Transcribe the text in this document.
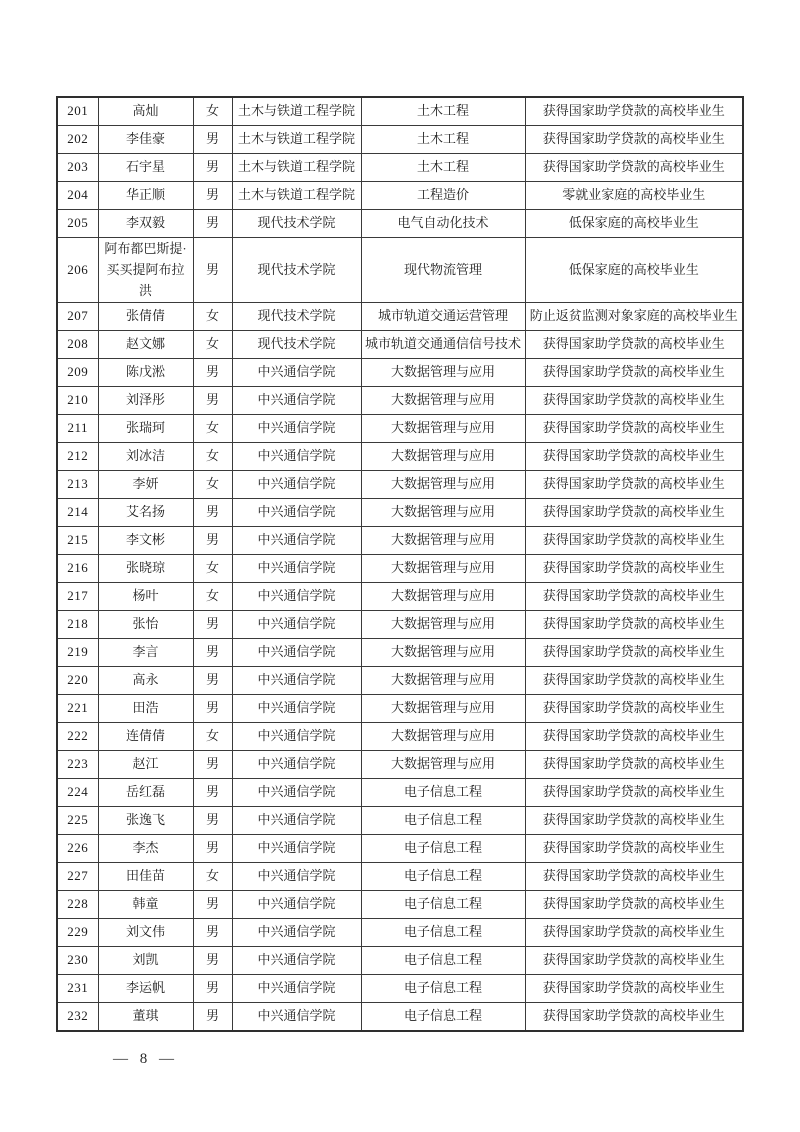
201	高灿	女	土木与铁道工程学院	土木工程	获得国家助学贷款的高校毕业生
202	李佳豪	男	土木与铁道工程学院	土木工程	获得国家助学贷款的高校毕业生
203	石宇星	男	土木与铁道工程学院	土木工程	获得国家助学贷款的高校毕业生
204	华正顺	男	土木与铁道工程学院	工程造价	零就业家庭的高校毕业生
205	李双毅	男	现代技术学院	电气自动化技术	低保家庭的高校毕业生
206	阿布都巴斯提·买买提阿布拉洪	男	现代技术学院	现代物流管理	低保家庭的高校毕业生
207	张倩倩	女	现代技术学院	城市轨道交通运营管理	防止返贫监测对象家庭的高校毕业生
208	赵文娜	女	现代技术学院	城市轨道交通通信信号技术	获得国家助学贷款的高校毕业生
209	陈戊淞	男	中兴通信学院	大数据管理与应用	获得国家助学贷款的高校毕业生
210	刘泽彤	男	中兴通信学院	大数据管理与应用	获得国家助学贷款的高校毕业生
211	张瑞珂	女	中兴通信学院	大数据管理与应用	获得国家助学贷款的高校毕业生
212	刘冰洁	女	中兴通信学院	大数据管理与应用	获得国家助学贷款的高校毕业生
213	李妍	女	中兴通信学院	大数据管理与应用	获得国家助学贷款的高校毕业生
214	艾名扬	男	中兴通信学院	大数据管理与应用	获得国家助学贷款的高校毕业生
215	李文彬	男	中兴通信学院	大数据管理与应用	获得国家助学贷款的高校毕业生
216	张晓琼	女	中兴通信学院	大数据管理与应用	获得国家助学贷款的高校毕业生
217	杨叶	女	中兴通信学院	大数据管理与应用	获得国家助学贷款的高校毕业生
218	张怡	男	中兴通信学院	大数据管理与应用	获得国家助学贷款的高校毕业生
219	李言	男	中兴通信学院	大数据管理与应用	获得国家助学贷款的高校毕业生
220	高永	男	中兴通信学院	大数据管理与应用	获得国家助学贷款的高校毕业生
221	田浩	男	中兴通信学院	大数据管理与应用	获得国家助学贷款的高校毕业生
222	连倩倩	女	中兴通信学院	大数据管理与应用	获得国家助学贷款的高校毕业生
223	赵江	男	中兴通信学院	大数据管理与应用	获得国家助学贷款的高校毕业生
224	岳红磊	男	中兴通信学院	电子信息工程	获得国家助学贷款的高校毕业生
225	张逸飞	男	中兴通信学院	电子信息工程	获得国家助学贷款的高校毕业生
226	李杰	男	中兴通信学院	电子信息工程	获得国家助学贷款的高校毕业生
227	田佳苗	女	中兴通信学院	电子信息工程	获得国家助学贷款的高校毕业生
228	韩童	男	中兴通信学院	电子信息工程	获得国家助学贷款的高校毕业生
229	刘文伟	男	中兴通信学院	电子信息工程	获得国家助学贷款的高校毕业生
230	刘凯	男	中兴通信学院	电子信息工程	获得国家助学贷款的高校毕业生
231	李运帆	男	中兴通信学院	电子信息工程	获得国家助学贷款的高校毕业生
232	董琪	男	中兴通信学院	电子信息工程	获得国家助学贷款的高校毕业生
— 8 —
